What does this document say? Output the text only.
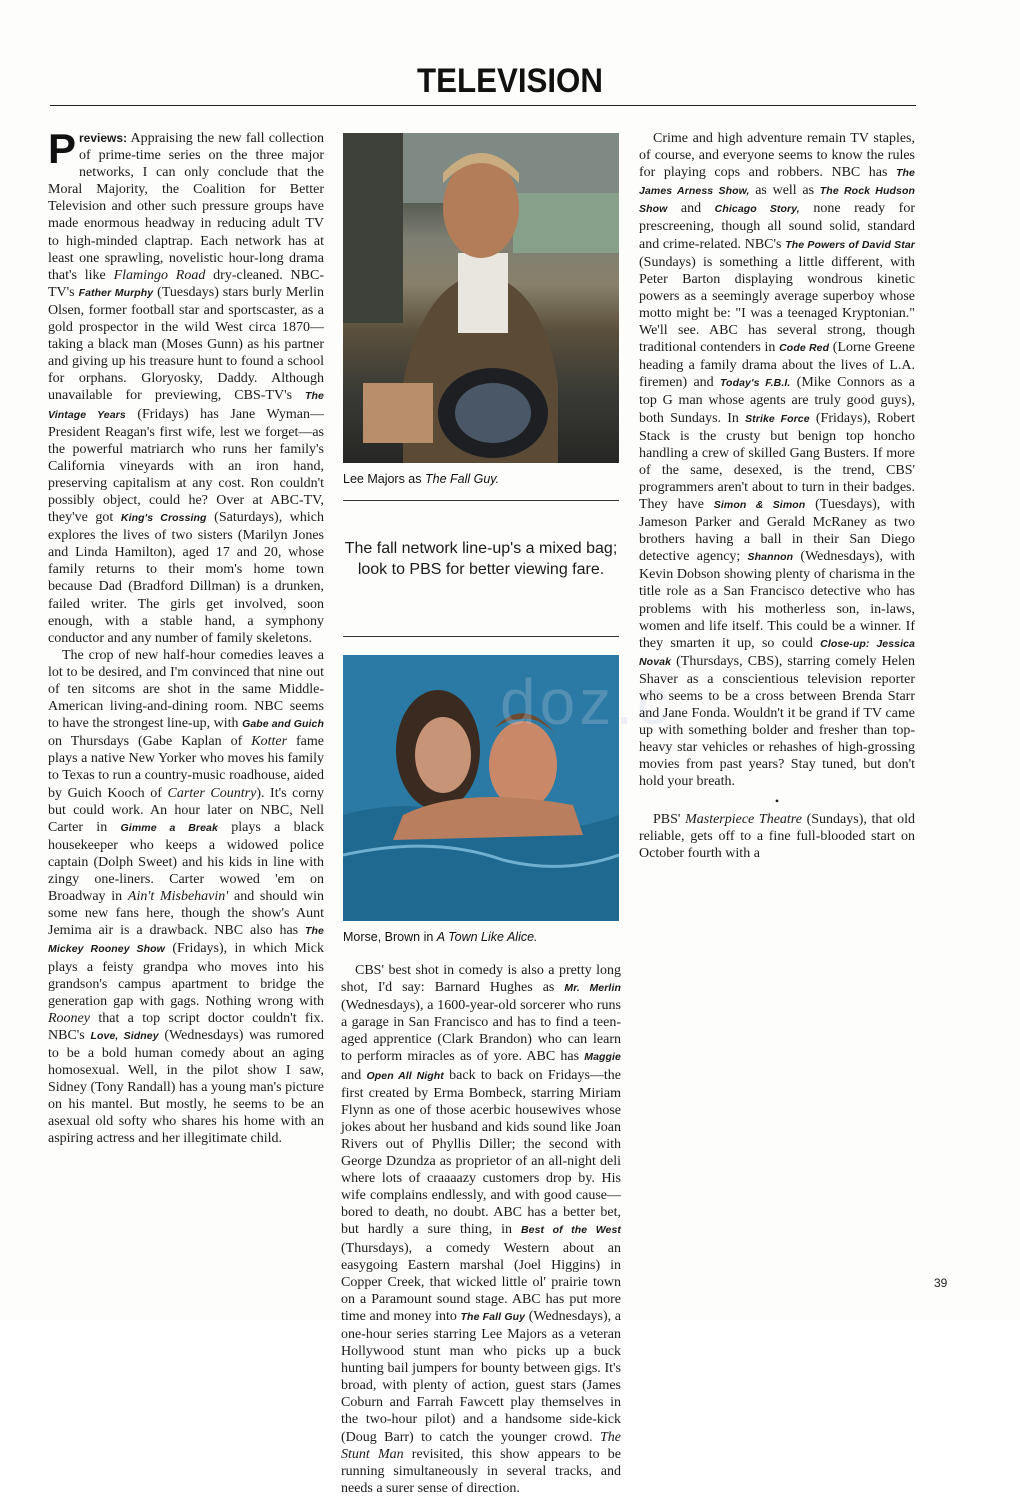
TELEVISION

Previews: Appraising the new fall collection of prime-time series on the three major networks, I can only conclude that the Moral Majority, the Coalition for Better Television and other such pressure groups have made enormous headway in reducing adult TV to high-minded claptrap. Each network has at least one sprawling, novelistic hour-long drama that's like Flamingo Road dry-cleaned. NBC-TV's Father Murphy (Tuesdays) stars burly Merlin Olsen, former football star and sportscaster, as a gold prospector in the wild West circa 1870—taking a black man (Moses Gunn) as his partner and giving up his treasure hunt to found a school for orphans. Gloryosky, Daddy. Although unavailable for previewing, CBS-TV's The Vintage Years (Fridays) has Jane Wyman—President Reagan's first wife, lest we forget—as the powerful matriarch who runs her family's California vineyards with an iron hand, preserving capitalism at any cost. Ron couldn't possibly object, could he? Over at ABC-TV, they've got King's Crossing (Saturdays), which explores the lives of two sisters (Marilyn Jones and Linda Hamilton), aged 17 and 20, whose family returns to their mom's home town because Dad (Bradford Dillman) is a drunken, failed writer. The girls get involved, soon enough, with a stable hand, a symphony conductor and any number of family skeletons.

The crop of new half-hour comedies leaves a lot to be desired, and I'm convinced that nine out of ten sitcoms are shot in the same Middle-American living-and-dining room. NBC seems to have the strongest line-up, with Gabe and Guich on Thursdays (Gabe Kaplan of Kotter fame plays a native New Yorker who moves his family to Texas to run a country-music roadhouse, aided by Guich Kooch of Carter Country). It's corny but could work. An hour later on NBC, Nell Carter in Gimme a Break plays a black housekeeper who keeps a widowed police captain (Dolph Sweet) and his kids in line with zingy one-liners. Carter wowed 'em on Broadway in Ain't Misbehavin' and should win some new fans here, though the show's Aunt Jemima air is a drawback. NBC also has The Mickey Rooney Show (Fridays), in which Mick plays a feisty grandpa who moves into his grandson's campus apartment to bridge the generation gap with gags. Nothing wrong with Rooney that a top script doctor couldn't fix. NBC's Love, Sidney (Wednesdays) was rumored to be a bold human comedy about an aging homosexual. Well, in the pilot show I saw, Sidney (Tony Randall) has a young man's picture on his mantel. But mostly, he seems to be an asexual old softy who shares his home with an aspiring actress and her illegitimate child.

Lee Majors as The Fall Guy.
The fall network line-up's a mixed bag; look to PBS for better viewing fare.
Morse, Brown in A Town Like Alice.
doz.c

CBS' best shot in comedy is also a pretty long shot, I'd say: Barnard Hughes as Mr. Merlin (Wednesdays), a 1600-year-old sorcerer who runs a garage in San Francisco and has to find a teen-aged apprentice (Clark Brandon) who can learn to perform miracles as of yore. ABC has Maggie and Open All Night back to back on Fridays—the first created by Erma Bombeck, starring Miriam Flynn as one of those acerbic housewives whose jokes about her husband and kids sound like Joan Rivers out of Phyllis Diller; the second with George Dzundza as proprietor of an all-night deli where lots of craaaazy customers drop by. His wife complains endlessly, and with good cause—bored to death, no doubt. ABC has a better bet, but hardly a sure thing, in Best of the West (Thursdays), a comedy Western about an easygoing Eastern marshal (Joel Higgins) in Copper Creek, that wicked little ol' prairie town on a Paramount sound stage. ABC has put more time and money into The Fall Guy (Wednesdays), a one-hour series starring Lee Majors as a veteran Hollywood stunt man who picks up a buck hunting bail jumpers for bounty between gigs. It's broad, with plenty of action, guest stars (James Coburn and Farrah Fawcett play themselves in the two-hour pilot) and a handsome side-kick (Doug Barr) to catch the younger crowd. The Stunt Man revisited, this show appears to be running simultaneously in several tracks, and needs a surer sense of direction.

Crime and high adventure remain TV staples, of course, and everyone seems to know the rules for playing cops and robbers. NBC has The James Arness Show, as well as The Rock Hudson Show and Chicago Story, none ready for prescreening, though all sound solid, standard and crime-related. NBC's The Powers of David Star (Sundays) is something a little different, with Peter Barton displaying wondrous kinetic powers as a seemingly average superboy whose motto might be: "I was a teenaged Kryptonian." We'll see. ABC has several strong, though traditional contenders in Code Red (Lorne Greene heading a family drama about the lives of L.A. firemen) and Today's F.B.I. (Mike Connors as a top G man whose agents are truly good guys), both Sundays. In Strike Force (Fridays), Robert Stack is the crusty but benign top honcho handling a crew of skilled Gang Busters. If more of the same, desexed, is the trend, CBS' programmers aren't about to turn in their badges. They have Simon & Simon (Tuesdays), with Jameson Parker and Gerald McRaney as two brothers having a ball in their San Diego detective agency; Shannon (Wednesdays), with Kevin Dobson showing plenty of charisma in the title role as a San Francisco detective who has problems with his motherless son, in-laws, women and life itself. This could be a winner. If they smarten it up, so could Close-up: Jessica Novak (Thursdays, CBS), starring comely Helen Shaver as a conscientious television reporter who seems to be a cross between Brenda Starr and Jane Fonda. Wouldn't it be grand if TV came up with something bolder and fresher than top-heavy star vehicles or rehashes of high-grossing movies from past years? Stay tuned, but don't hold your breath.

•

PBS' Masterpiece Theatre (Sundays), that old reliable, gets off to a fine full-blooded start on October fourth with a

39
